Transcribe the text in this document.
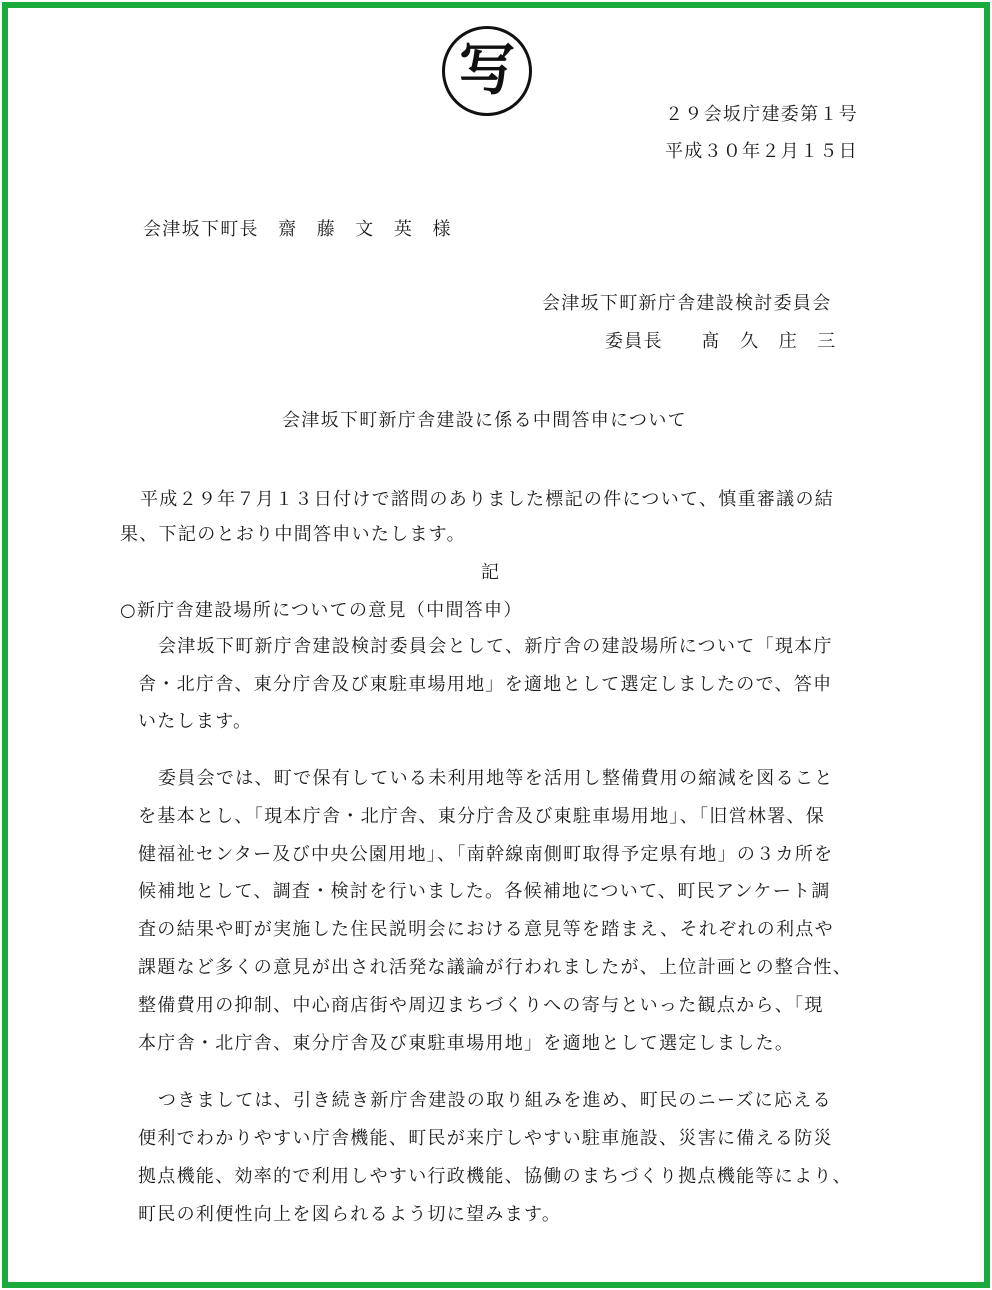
写
２９会坂庁建委第１号
平成３０年２月１５日
会津坂下町長　齋　藤　文　英　様
会津坂下町新庁舎建設検討委員会
委員長　　髙　久　庄　三
会津坂下町新庁舎建設に係る中間答申について
平成２９年７月１３日付けで諮問のありました標記の件について、慎重審議の結
果、下記のとおり中間答申いたします。
記
○新庁舎建設場所についての意見（中間答申）
会津坂下町新庁舎建設検討委員会として、新庁舎の建設場所について「現本庁
舎・北庁舎、東分庁舎及び東駐車場用地」を適地として選定しましたので、答申
いたします。
委員会では、町で保有している未利用地等を活用し整備費用の縮減を図ること
を基本とし、「現本庁舎・北庁舎、東分庁舎及び東駐車場用地」、「旧営林署、保
健福祉センター及び中央公園用地」、「南幹線南側町取得予定県有地」の３カ所を
候補地として、調査・検討を行いました。各候補地について、町民アンケート調
査の結果や町が実施した住民説明会における意見等を踏まえ、それぞれの利点や
課題など多くの意見が出され活発な議論が行われましたが、上位計画との整合性、
整備費用の抑制、中心商店街や周辺まちづくりへの寄与といった観点から、「現
本庁舎・北庁舎、東分庁舎及び東駐車場用地」を適地として選定しました。
つきましては、引き続き新庁舎建設の取り組みを進め、町民のニーズに応える
便利でわかりやすい庁舎機能、町民が来庁しやすい駐車施設、災害に備える防災
拠点機能、効率的で利用しやすい行政機能、協働のまちづくり拠点機能等により、
町民の利便性向上を図られるよう切に望みます。
